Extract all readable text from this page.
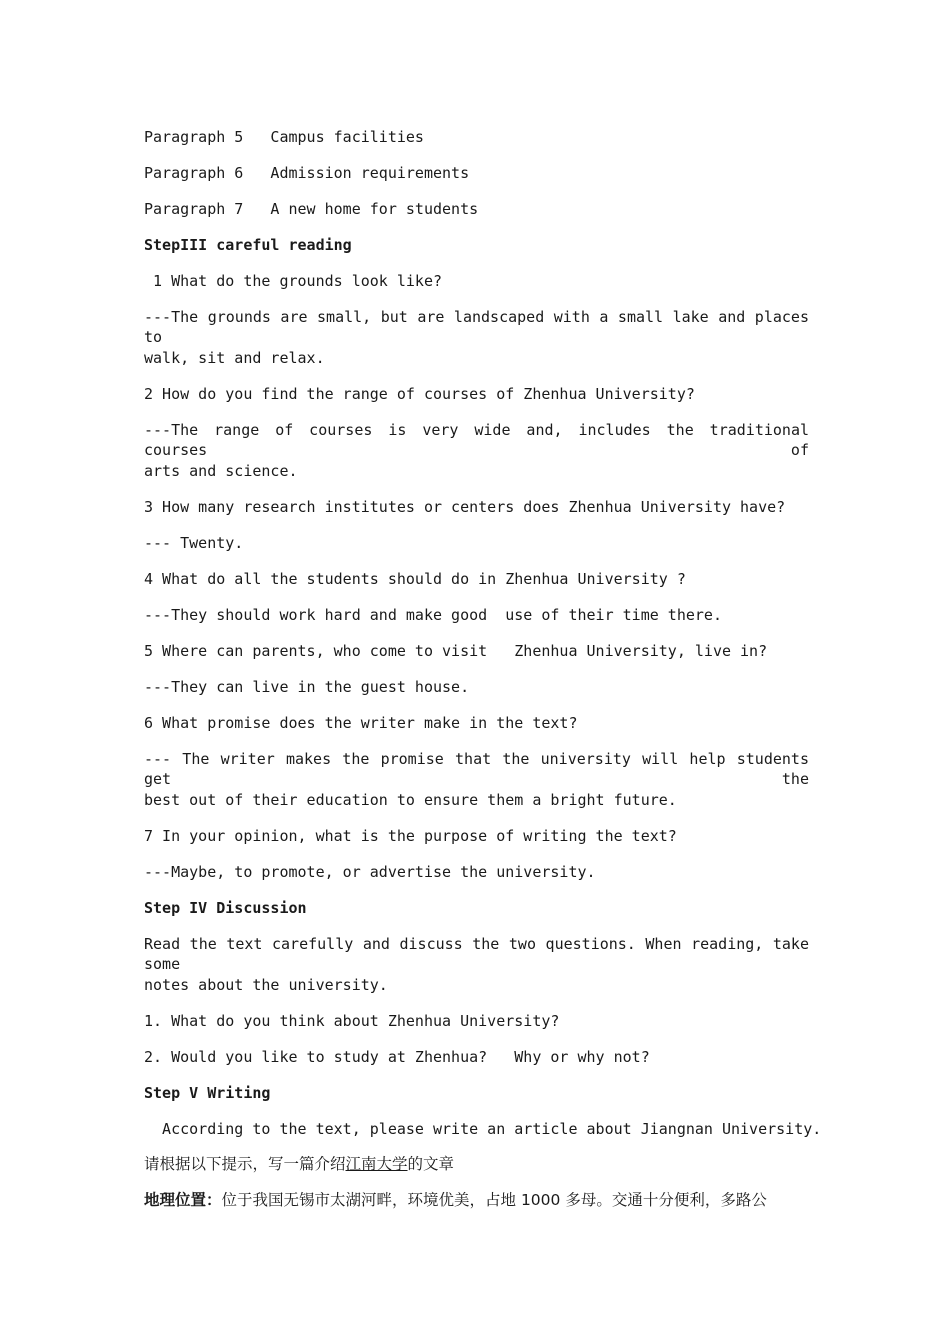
Paragraph 5   Campus facilities
Paragraph 6   Admission requirements
Paragraph 7   A new home for students
StepIII careful reading
1 What do the grounds look like?
---The grounds are small, but are landscaped with a small lake and places to
walk, sit and relax.
2 How do you find the range of courses of Zhenhua University?
---The range of courses is very wide and, includes the traditional courses of
arts and science.
3 How many research institutes or centers does Zhenhua University have?
--- Twenty.
4 What do all the students should do in Zhenhua University ?
---They should work hard and make good  use of their time there.
5 Where can parents, who come to visit   Zhenhua University, live in?
---They can live in the guest house.
6 What promise does the writer make in the text?
--- The writer makes the promise that the university will help students get the
best out of their education to ensure them a bright future.
7 In your opinion, what is the purpose of writing the text?
---Maybe, to promote, or advertise the university.
Step IV Discussion
Read the text carefully and discuss the two questions. When reading, take some
notes about the university.
1. What do you think about Zhenhua University?
2. Would you like to study at Zhenhua?   Why or why not?
Step V Writing
According to the text, please write an article about Jiangnan University.
请根据以下提示，写一篇介绍江南大学的文章
地理位置：位于我国无锡市太湖河畔，环境优美，占地 1000 多母。交通十分便利，多路公
